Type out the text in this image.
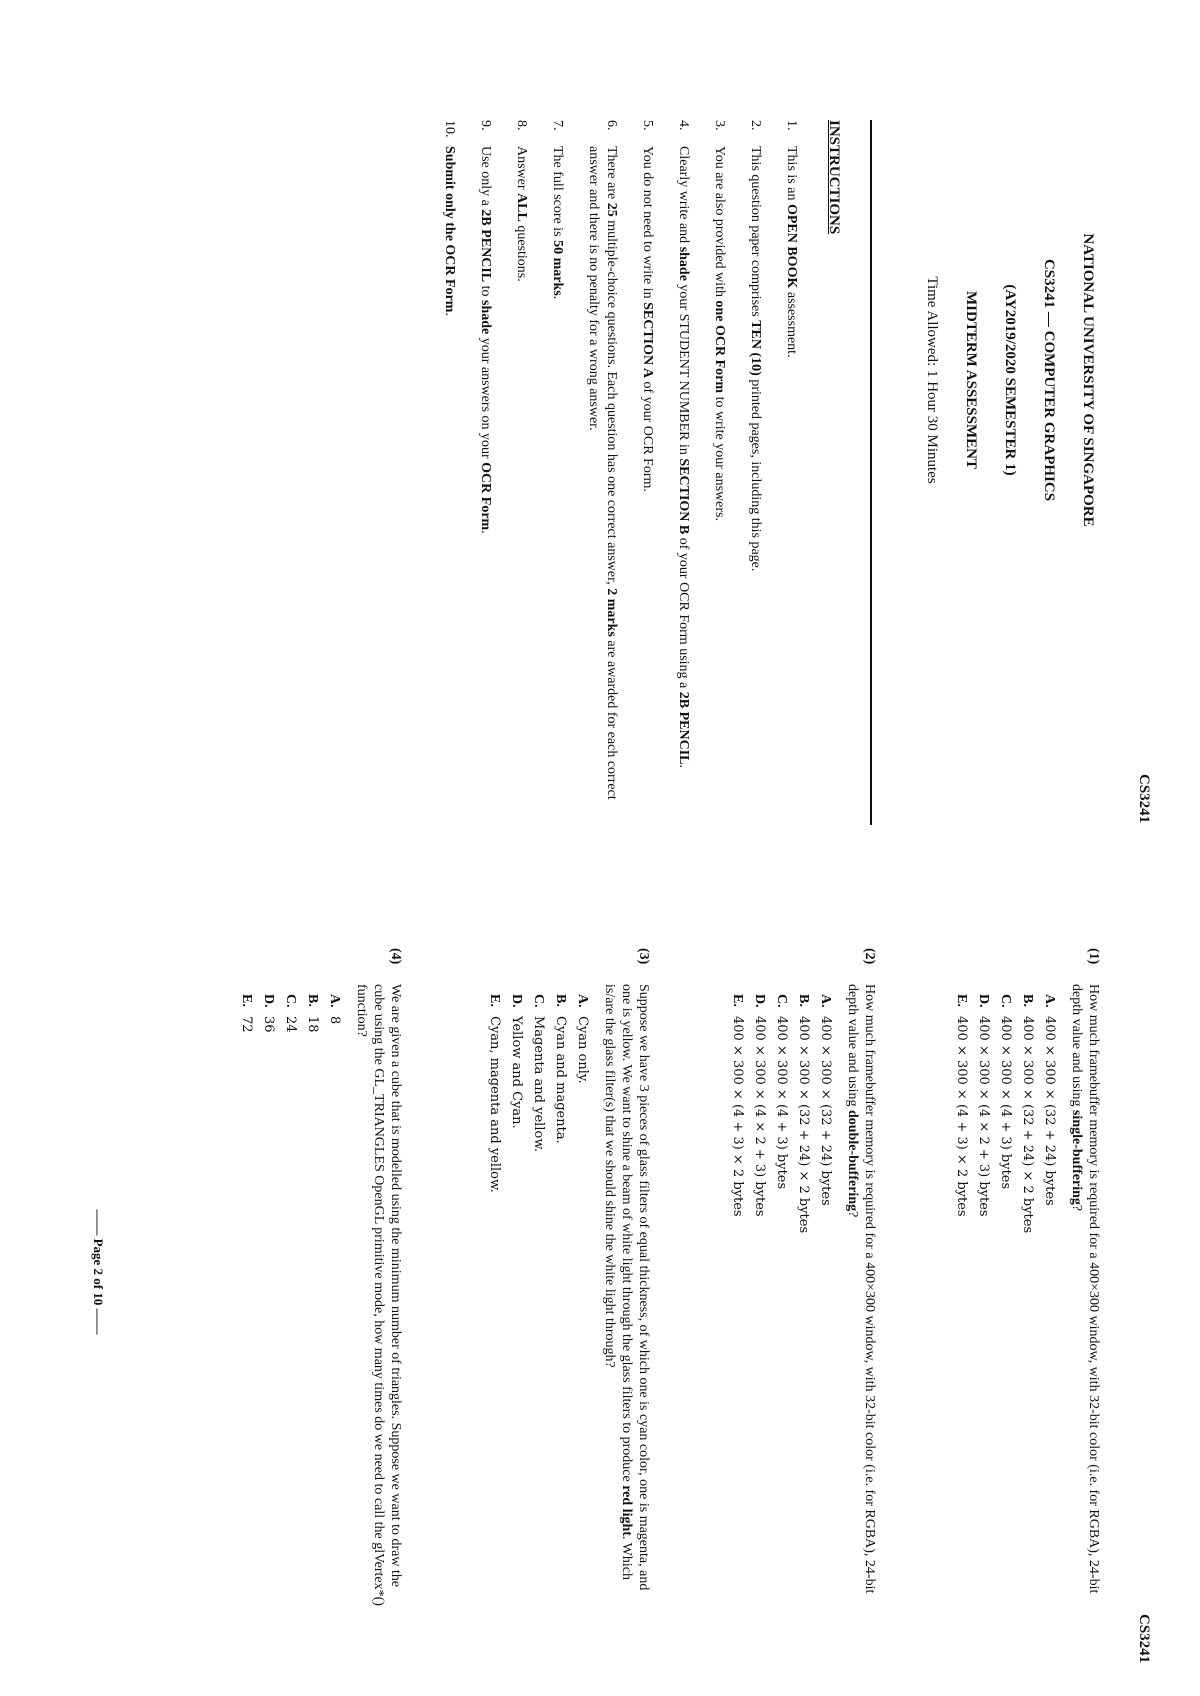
CS3241
NATIONAL UNIVERSITY OF SINGAPORE
CS3241 — COMPUTER GRAPHICS
(AY2019/2020 SEMESTER 1)
MIDTERM ASSESSMENT
Time Allowed: 1 Hour 30 Minutes
INSTRUCTIONS
1.
This is an OPEN BOOK assessment.
2.
This question paper comprises TEN (10) printed pages, including this page.
3.
You are also provided with one OCR Form to write your answers.
4.
Clearly write and shade your STUDENT NUMBER in SECTION B of your OCR Form using a 2B PENCIL.
5.
You do not need to write in SECTION A of your OCR Form.
6.
There are 25 multiple-choice questions. Each question has one correct answer, 2 marks are awarded for each correct answer and there is no penalty for a wrong answer.
7.
The full score is 50 marks.
8.
Answer ALL questions.
9.
Use only a 2B PENCIL to shade your answers on your OCR Form.
10.
Submit only the OCR Form.
CS3241
(1)
How much framebuffer memory is required for a 400×300 window, with 32-bit color (i.e. for RGBA), 24-bit depth value and using single-buffering?
A.
400 × 300 × (32 + 24) bytes
B.
400 × 300 × (32 + 24) × 2 bytes
C.
400 × 300 × (4 + 3) bytes
D.
400 × 300 × (4 × 2 + 3) bytes
E.
400 × 300 × (4 + 3) × 2 bytes
(2)
How much framebuffer memory is required for a 400×300 window, with 32-bit color (i.e. for RGBA), 24-bit depth value and using double-buffering?
A.
400 × 300 × (32 + 24) bytes
B.
400 × 300 × (32 + 24) × 2 bytes
C.
400 × 300 × (4 + 3) bytes
D.
400 × 300 × (4 × 2 + 3) bytes
E.
400 × 300 × (4 + 3) × 2 bytes
(3)
Suppose we have 3 pieces of glass filters of equal thickness, of which one is cyan color, one is magenta, and one is yellow. We want to shine a beam of white light through the glass filters to produce red light. Which is/are the glass filter(s) that we should shine the white light through?
A.
Cyan only.
B.
Cyan and magenta.
C.
Magenta and yellow.
D.
Yellow and Cyan.
E.
Cyan, magenta and yellow.
(4)
We are given a cube that is modelled using the minimum number of triangles. Suppose we want to draw the cube using the GL_TRIANGLES OpenGL primitive mode, how many times do we need to call the glVertex*() function?
A.
8
B.
18
C.
24
D.
36
E.
72
—— Page 2 of 10 ——
